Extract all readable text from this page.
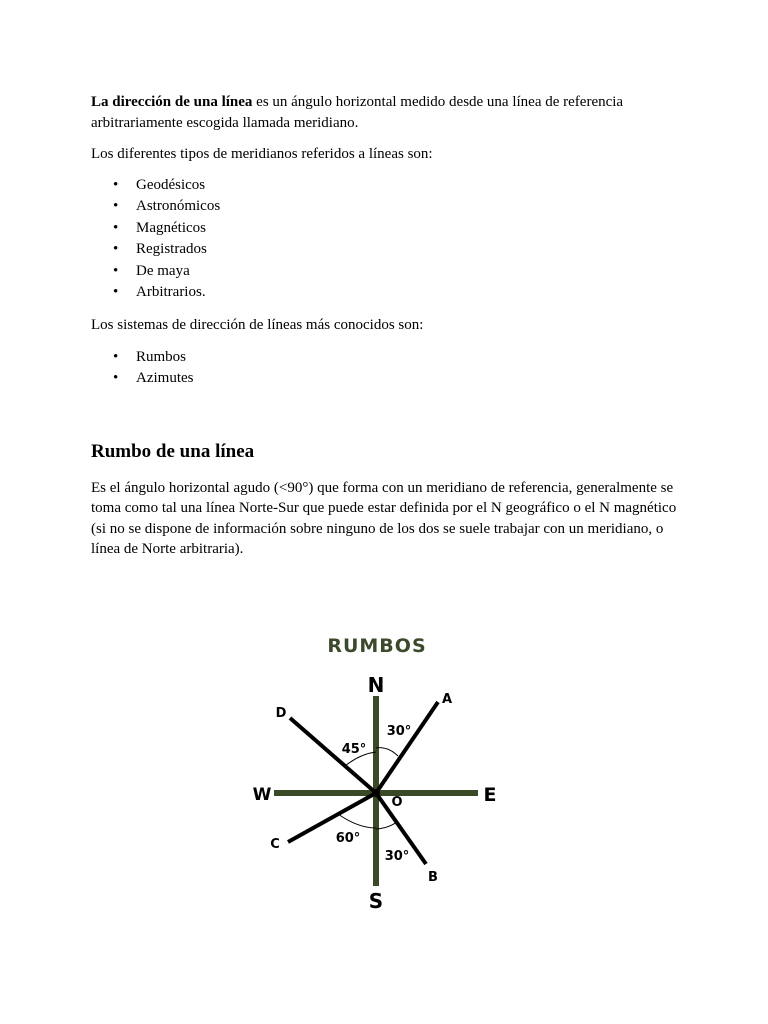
La dirección de una línea es un ángulo horizontal medido desde una línea de referencia arbitrariamente escogida llamada meridiano.

Los diferentes tipos de meridianos referidos a líneas son:

• Geodésicos
• Astronómicos
• Magnéticos
• Registrados
• De maya
• Arbitrarios.

Los sistemas de dirección de líneas más conocidos son:

• Rumbos
• Azimutes
Rumbo de una línea

Es el ángulo horizontal agudo (<90°) que forma con un meridiano de referencia, generalmente se toma como tal una línea Norte-Sur que puede estar definida por el N geográfico o el N magnético (si no se dispone de información sobre ninguno de los dos se suele trabajar con un meridiano, o línea de Norte arbitraria).

RUMBOS
N
S
W	E
O
A
D
C
B
30°
45°
60°
30°
